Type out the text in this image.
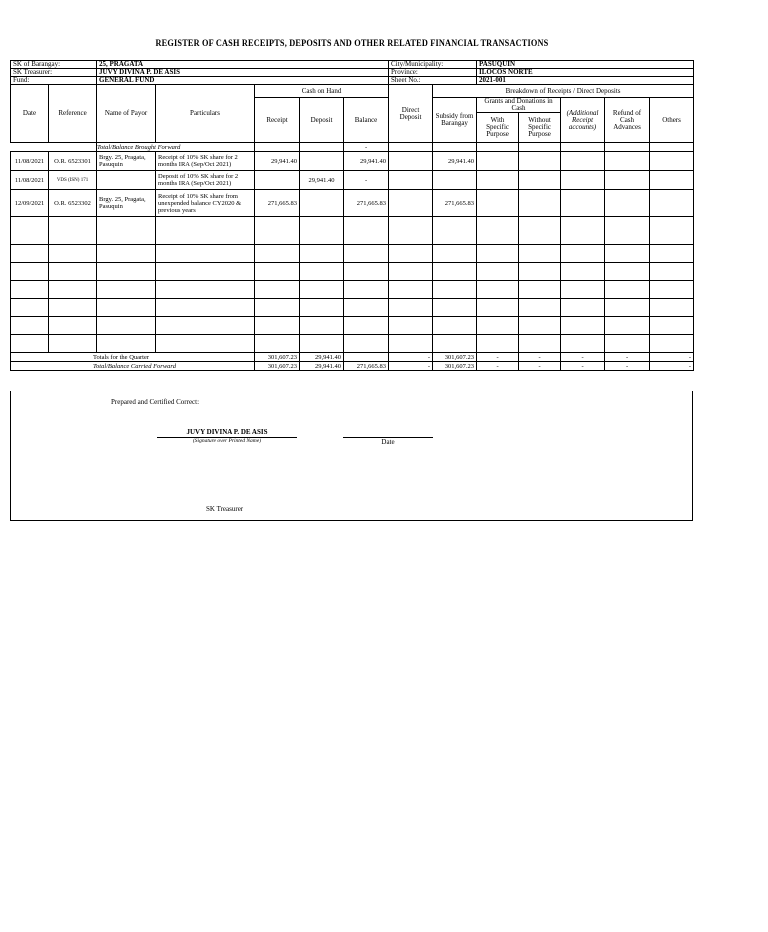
REGISTER OF CASH RECEIPTS, DEPOSITS AND OTHER RELATED FINANCIAL TRANSACTIONS
SK of Barangay:		25, PRAGATA					City/Municipality:		PASUQUIN				
SK Treasurer:		JUVY DIVINA P. DE ASIS					Province:		ILOCOS NORTE				
Fund:		GENERAL FUND					Sheet No.:		2021-001				
Date	Reference	Name of Payor	Particulars	Cash on Hand			Direct Deposit	Breakdown of Receipts / Direct Deposits					
				Receipt	Deposit	Balance		Subsidy from Barangay	Grants and Donations in Cash		(Additional Receipt accounts)	Refund of Cash Advances	Others
									With Specific Purpose	Without Specific Purpose			
		Total/Balance Brought Forward				-							
11/08/2021	O.R. 6523301	Brgy. 25, Pragata, Pasuquin	Receipt of 10% SK share for 2 months IRA (Sep/Oct 2021)	29,941.40		29,941.40		29,941.40					
11/08/2021	VDS (ISN) 171		Deposit of 10% SK share for 2 months IRA (Sep/Oct 2021)		29,941.40	-							
12/09/2021	O.R. 6523302	Brgy. 25, Pragata, Pasuquin	Receipt of 10% SK share from unexpended balance CY2020 & previous years	271,665.83		271,665.83		271,665.83					

Totals for the Quarter				301,607.23	29,941.40		-	301,607.23	-	-	-	-	-
Total/Balance Carried Forward				301,607.23	29,941.40	271,665.83	-	301,607.23	-	-	-	-	-
Prepared and Certified Correct:
JUVY DIVINA P. DE ASIS
(Signature over Printed Name)	Date
SK Treasurer
